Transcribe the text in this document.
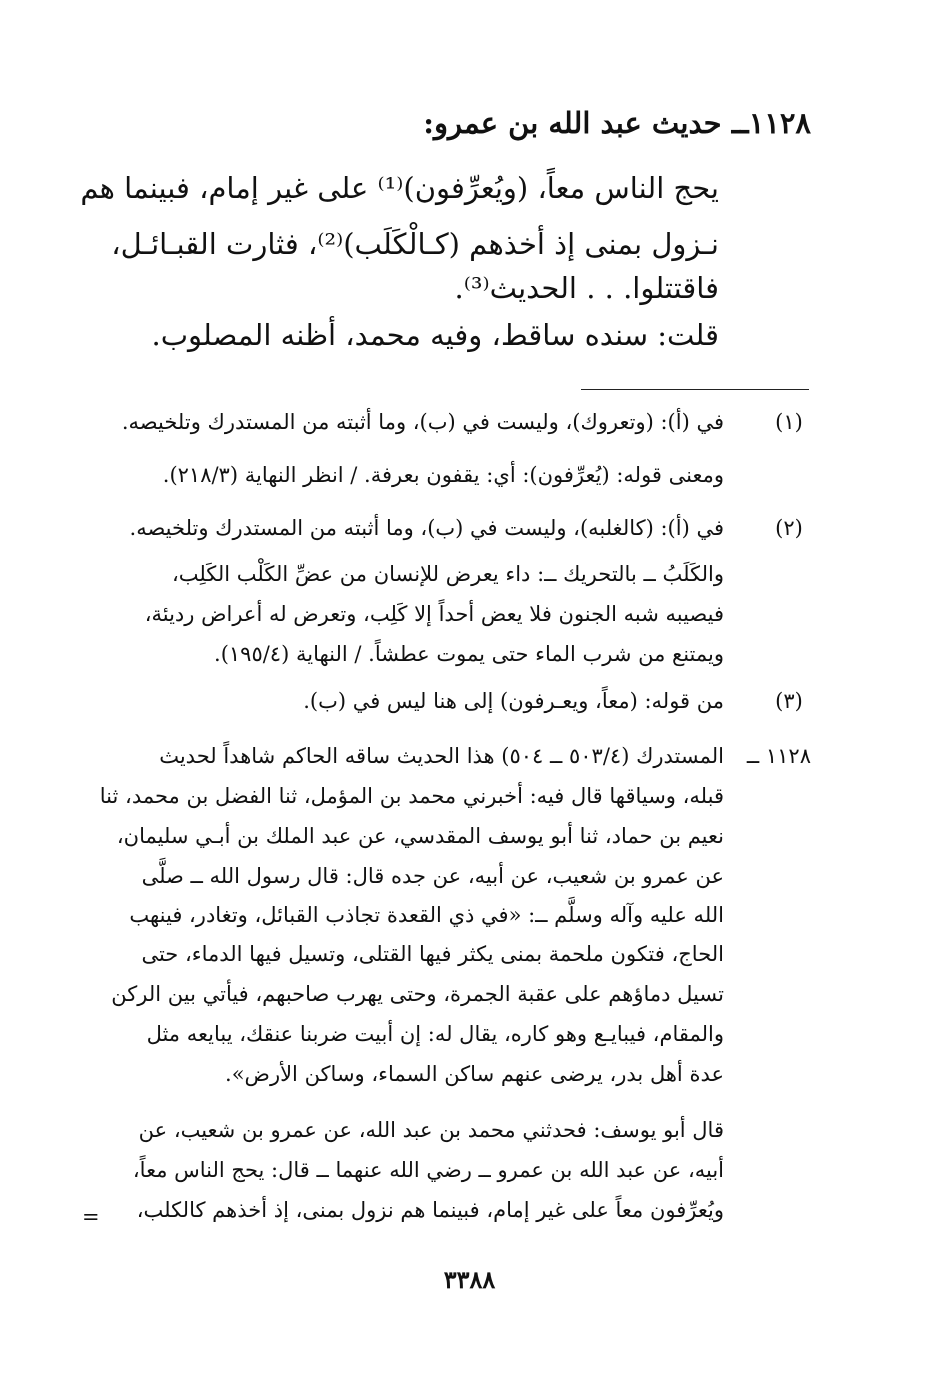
١١٢٨ــ حديث عبد الله بن عمرو:
يحج الناس معاً، (ويُعرِّفون)⁽¹⁾ على غير إمام، فبينما هم
نـزول بمنى إذ أخذهم (كـالْكَلَب)⁽²⁾، فثارت القبـائـل،
فاقتتلوا. . . الحديث⁽³⁾.
قلت: سنده ساقط، وفيه محمد، أظنه المصلوب.
(١)
في (أ): (وتعروك)، وليست في (ب)، وما أثبته من المستدرك وتلخيصه.
ومعنى قوله: (يُعرِّفون): أي: يقفون بعرفة. / انظر النهاية (٢١٨/٣).
(٢)
في (أ): (كالغلبه)، وليست في (ب)، وما أثبته من المستدرك وتلخيصه.
والكَلَبُ ــ بالتحريك ــ: داء يعرض للإنسان من عضِّ الكَلْب الكَلِب،
فيصيبه شبه الجنون فلا يعض أحداً إلا كَلِب، وتعرض له أعراض رديئة،
ويمتنع من شرب الماء حتى يموت عطشاً. / النهاية (١٩٥/٤).
(٣)
من قوله: (معاً، ويعـرفون) إلى هنا ليس في (ب).
١١٢٨ ــ
المستدرك (٥٠٣/٤ ــ ٥٠٤) هذا الحديث ساقه الحاكم شاهداً لحديث
قبله، وسياقها قال فيه: أخبرني محمد بن المؤمل، ثنا الفضل بن محمد، ثنا
نعيم بن حماد، ثنا أبو يوسف المقدسي، عن عبد الملك بن أبـي سليمان،
عن عمرو بن شعيب، عن أبيه، عن جده قال: قال رسول الله ــ صلَّى
الله عليه وآله وسلَّم ــ: «في ذي القعدة تجاذب القبائل، وتغادر، فينهب
الحاج، فتكون ملحمة بمنى يكثر فيها القتلى، وتسيل فيها الدماء، حتى
تسيل دماؤهم على عقبة الجمرة، وحتى يهرب صاحبهم، فيأتي بين الركن
والمقام، فيبايـع وهو كاره، يقال له: إن أبيت ضربنا عنقك، يبايعه مثل
عدة أهل بدر، يرضى عنهم ساكن السماء، وساكن الأرض».
قال أبو يوسف: فحدثني محمد بن عبد الله، عن عمرو بن شعيب، عن
أبيه، عن عبد الله بن عمرو ــ رضي الله عنهما ــ قال: يحج الناس معاً،
ويُعرِّفون معاً على غير إمام، فبينما هم نزول بمنى، إذ أخذهم كالكلب،
=
٣٣٨٨
